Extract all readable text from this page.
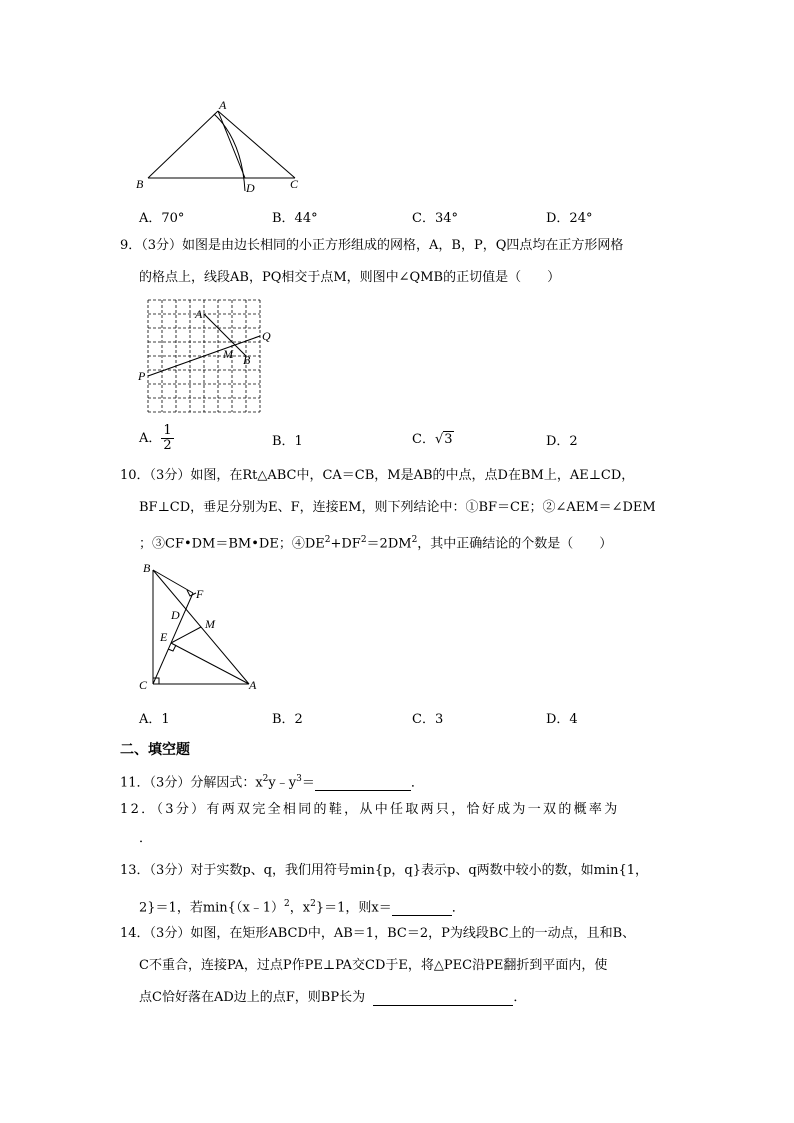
A
B	D	C
A．70°	B．44°	C．34°	D．24°
9．（3分）如图是由边长相同的小正方形组成的网格，A，B，P，Q四点均在正方形网格
的格点上，线段AB，PQ相交于点M，则图中∠QMB的正切值是（　　）
A
Q
M B
P
A． $\frac{1}{2}$	B．1	C．√3	D．2
10．（3分）如图，在Rt△ABC中，CA＝CB，M是AB的中点，点D在BM上，AE⊥CD，
BF⊥CD，垂足分别为E、F，连接EM，则下列结论中：①BF＝CE；②∠AEM＝∠DEM
；③CF•DM＝BM•DE；$④DE^2+DF^2=2DM^2$，其中正确结论的个数是（　　）
B
F
D
M
E
C	A
A．1	B．2	C．3	D．4
二、填空题
11．（3分）分解因式：$x^2y﹣y^3=$	．
12．（3分）有两双完全相同的鞋，从中任取两只，恰好成为一双的概率为
．
13．（3分）对于实数p、q，我们用符号min{p，q}表示p、q两数中较小的数，如min{1，
2}＝1，若min{（x﹣1）$^2$，$x^2\}=1$，则x＝	．
14．（3分）如图，在矩形ABCD中，AB＝1，BC＝2，P为线段BC上的一动点，且和B、
C不重合，连接PA，过点P作PE⊥PA交CD于E，将△PEC沿PE翻折到平面内，使
点C恰好落在AD边上的点F，则BP长为	．
